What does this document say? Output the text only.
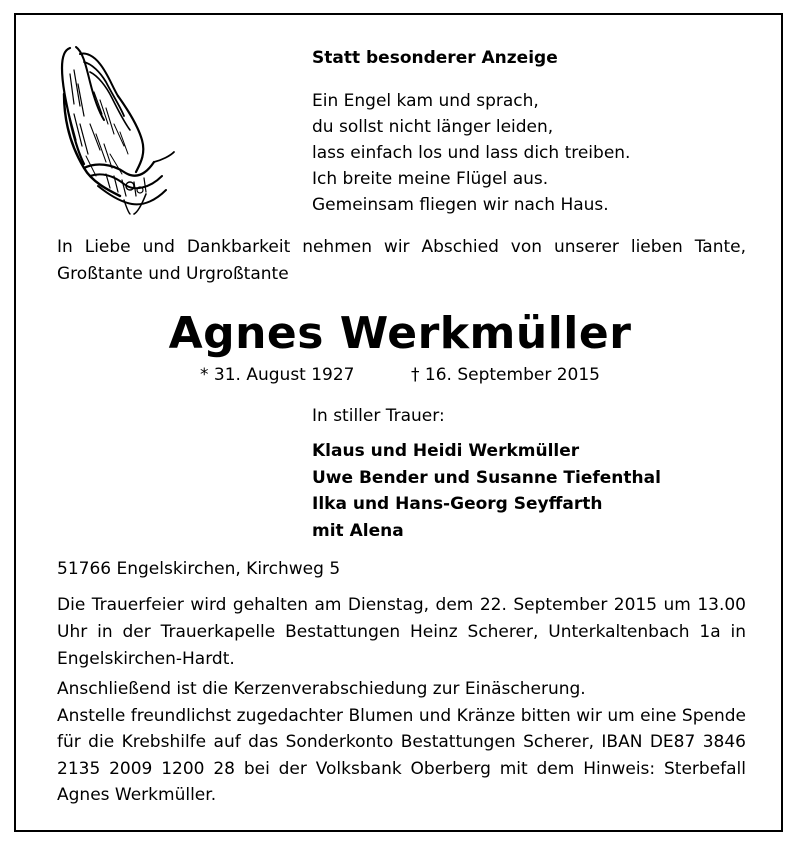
Statt besonderer Anzeige
Ein Engel kam und sprach,
du sollst nicht länger leiden,
lass einfach los und lass dich treiben.
Ich breite meine Flügel aus.
Gemeinsam fliegen wir nach Haus.
In Liebe und Dankbarkeit nehmen wir Abschied von unserer lieben Tante, Großtante und Urgroßtante
Agnes Werkmüller
* 31. August 1927	† 16. September 2015
In stiller Trauer:
Klaus und Heidi Werkmüller
Uwe Bender und Susanne Tiefenthal
Ilka und Hans-Georg Seyffarth
mit Alena
51766 Engelskirchen, Kirchweg 5
Die Trauerfeier wird gehalten am Dienstag, dem 22. September 2015 um 13.00 Uhr in der Trauerkapelle Bestattungen Heinz Scherer, Unterkaltenbach 1a in Engelskirchen-Hardt.
Anschließend ist die Kerzenverabschiedung zur Einäscherung.
Anstelle freundlichst zugedachter Blumen und Kränze bitten wir um eine Spende für die Krebshilfe auf das Sonderkonto Bestattungen Scherer, IBAN DE87 3846 2135 2009 1200 28 bei der Volksbank Oberberg mit dem Hinweis: Sterbefall Agnes Werkmüller.
